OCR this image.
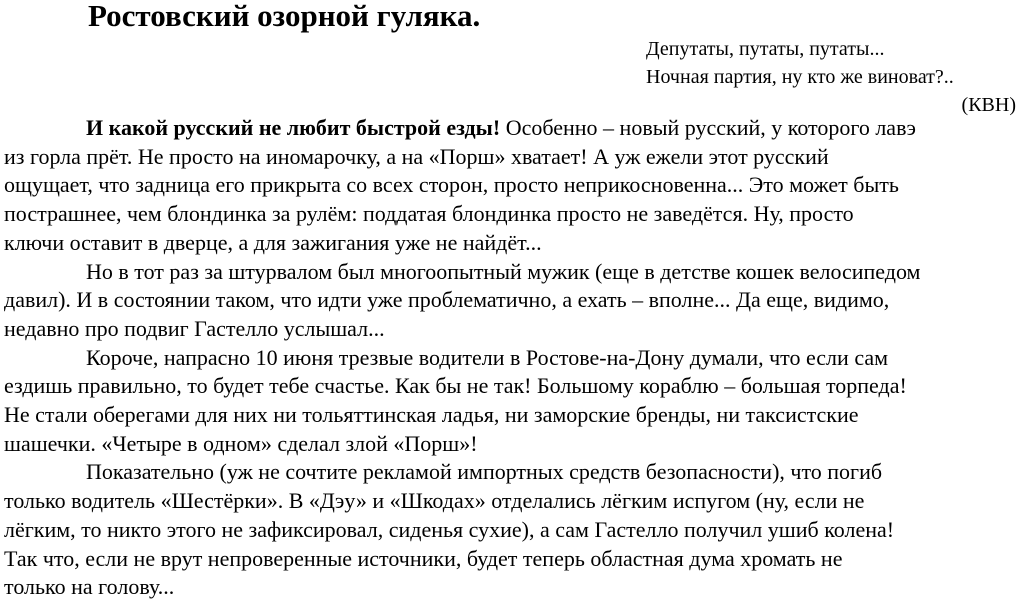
Ростовский озорной гуляка.
Депутаты, путаты, путаты...
Ночная партия, ну кто же виноват?..
(КВН)

И какой русский не любит быстрой езды! Особенно – новый русский, у которого лавэ
из горла прёт. Не просто на иномарочку, а на «Порш» хватает! А уж ежели этот русский
ощущает, что задница его прикрыта со всех сторон, просто неприкосновенна... Это может быть
пострашнее, чем блондинка за рулём: поддатая блондинка просто не заведётся. Ну, просто
ключи оставит в дверце, а для зажигания уже не найдёт...

Но в тот раз за штурвалом был многоопытный мужик (еще в детстве кошек велосипедом
давил). И в состоянии таком, что идти уже проблематично, а ехать – вполне... Да еще, видимо,
недавно про подвиг Гастелло услышал...

Короче, напрасно 10 июня трезвые водители в Ростове-на-Дону думали, что если сам
ездишь правильно, то будет тебе счастье. Как бы не так! Большому кораблю – большая торпеда!
Не стали оберегами для них ни тольяттинская ладья, ни заморские бренды, ни таксистские
шашечки. «Четыре в одном» сделал злой «Порш»!

Показательно (уж не сочтите рекламой импортных средств безопасности), что погиб
только водитель «Шестёрки». В «Дэу» и «Шкодах» отделались лёгким испугом (ну, если не
лёгким, то никто этого не зафиксировал, сиденья сухие), а сам Гастелло получил ушиб колена!
Так что, если не врут непроверенные источники, будет теперь областная дума хромать не
только на голову...
